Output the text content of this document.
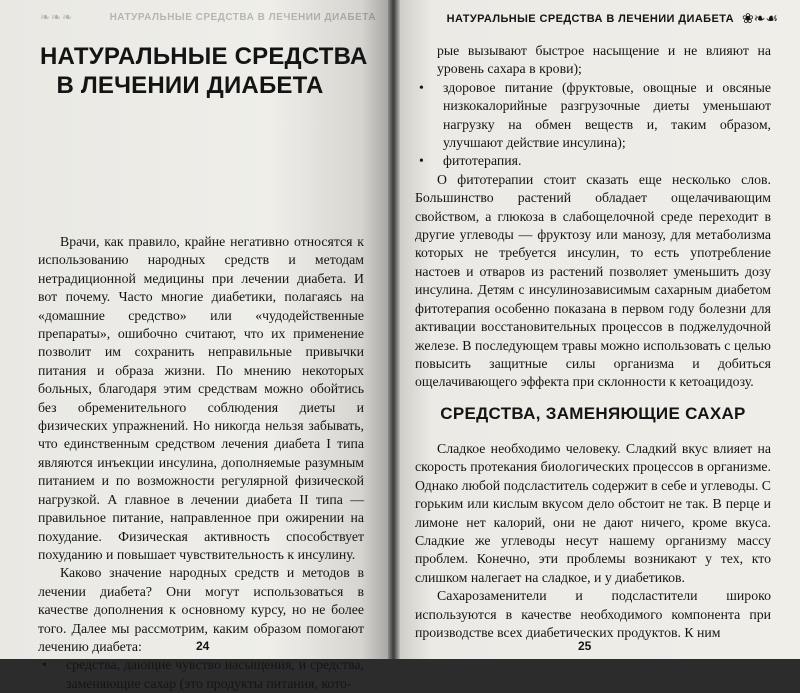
❧❧❧	НАТУРАЛЬНЫЕ СРЕДСТВА В ЛЕЧЕНИИ ДИАБЕТА
НАТУРАЛЬНЫЕ СРЕДСТВА
В ЛЕЧЕНИИ ДИАБЕТА

Врачи, как правило, крайне негативно относятся к использованию народных средств и методам нетрадиционной медицины при лечении диабета. И вот почему. Часто многие диабетики, полагаясь на «домашние средство» или «чудодейственные препараты», ошибочно считают, что их применение позволит им сохранить неправильные привычки питания и образа жизни. По мнению некоторых больных, благодаря этим средствам можно обойтись без обременительного соблюдения диеты и физических упражнений. Но никогда нельзя забывать, что единственным средством лечения диабета I типа являются инъекции инсулина, дополняемые разумным питанием и по возможности регулярной физической нагрузкой. А главное в лечении диабета II типа — правильное питание, направленное при ожирении на похудание. Физическая активность способствует похуданию и повышает чувствительность к инсулину.

Каково значение народных средств и методов в лечении диабета? Они могут использоваться в качестве дополнения к основному курсу, но не более того. Далее мы рассмотрим, каким образом помогают лечению диабета:

• средства, дающие чувство насыщения, и средства, заменяющие сахар (это продукты питания, кото-
24
НАТУРАЛЬНЫЕ СРЕДСТВА В ЛЕЧЕНИИ ДИАБЕТА ❀❧☙

рые вызывают быстрое насыщение и не влияют на уровень сахара в крови);

• здоровое питание (фруктовые, овощные и овсяные низкокалорийные разгрузочные диеты уменьшают нагрузку на обмен веществ и, таким образом, улучшают действие инсулина);
• фитотерапия.

О фитотерапии стоит сказать еще несколько слов. Большинство растений обладает ощелачивающим свойством, а глюкоза в слабощелочной среде переходит в другие углеводы — фруктозу или манозу, для метаболизма которых не требуется инсулин, то есть употребление настоев и отваров из растений позволяет уменьшить дозу инсулина. Детям с инсулинозависимым сахарным диабетом фитотерапия особенно показана в первом году болезни для активации восстановительных процессов в поджелудочной железе. В последующем травы можно использовать с целью повысить защитные силы организма и добиться ощелачивающего эффекта при склонности к кетоацидозу.

СРЕДСТВА, ЗАМЕНЯЮЩИЕ САХАР

Сладкое необходимо человеку. Сладкий вкус влияет на скорость протекания биологических процессов в организме. Однако любой подсластитель содержит в себе и углеводы. С горьким или кислым вкусом дело обстоит не так. В перце и лимоне нет калорий, они не дают ничего, кроме вкуса. Сладкие же углеводы несут нашему организму массу проблем. Конечно, эти проблемы возникают у тех, кто слишком налегает на сладкое, и у диабетиков.

Сахарозаменители и подсластители широко используются в качестве необходимого компонента при производстве всех диабетических продуктов. К ним

25
